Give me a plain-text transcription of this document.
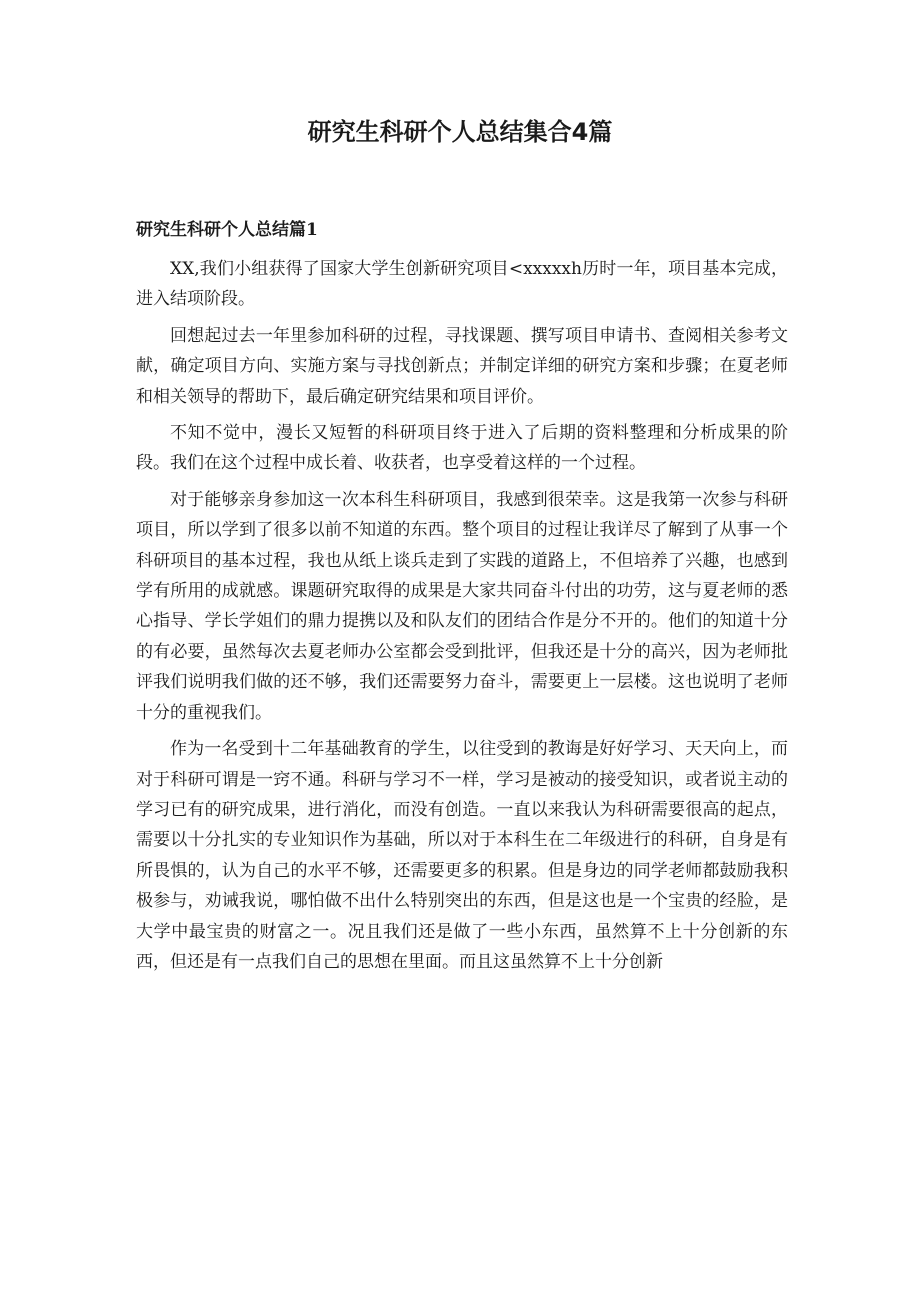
研究生科研个人总结集合4篇
研究生科研个人总结篇1

XX,我们小组获得了国家大学生创新研究项目<xxxxxh历时一年，项目基本完成，进入结项阶段。

回想起过去一年里参加科研的过程，寻找课题、撰写项目申请书、查阅相关参考文献，确定项目方向、实施方案与寻找创新点；并制定详细的研究方案和步骤；在夏老师和相关领导的帮助下，最后确定研究结果和项目评价。

不知不觉中，漫长又短暂的科研项目终于进入了后期的资料整理和分析成果的阶段。我们在这个过程中成长着、收获者，也享受着这样的一个过程。

对于能够亲身参加这一次本科生科研项目，我感到很荣幸。这是我第一次参与科研项目，所以学到了很多以前不知道的东西。整个项目的过程让我详尽了解到了从事一个科研项目的基本过程，我也从纸上谈兵走到了实践的道路上，不但培养了兴趣，也感到学有所用的成就感。课题研究取得的成果是大家共同奋斗付出的功劳，这与夏老师的悉心指导、学长学姐们的鼎力提携以及和队友们的团结合作是分不开的。他们的知道十分的有必要，虽然每次去夏老师办公室都会受到批评，但我还是十分的高兴，因为老师批评我们说明我们做的还不够，我们还需要努力奋斗，需要更上一层楼。这也说明了老师十分的重视我们。

作为一名受到十二年基础教育的学生，以往受到的教诲是好好学习、天天向上，而对于科研可谓是一窍不通。科研与学习不一样，学习是被动的接受知识，或者说主动的学习已有的研究成果，进行消化，而没有创造。一直以来我认为科研需要很高的起点，需要以十分扎实的专业知识作为基础，所以对于本科生在二年级进行的科研，自身是有所畏惧的，认为自己的水平不够，还需要更多的积累。但是身边的同学老师都鼓励我积极参与，劝诫我说，哪怕做不出什么特别突出的东西，但是这也是一个宝贵的经脸，是大学中最宝贵的财富之一。况且我们还是做了一些小东西，虽然算不上十分创新的东西，但还是有一点我们自己的思想在里面。而且这虽然算不上十分创新
